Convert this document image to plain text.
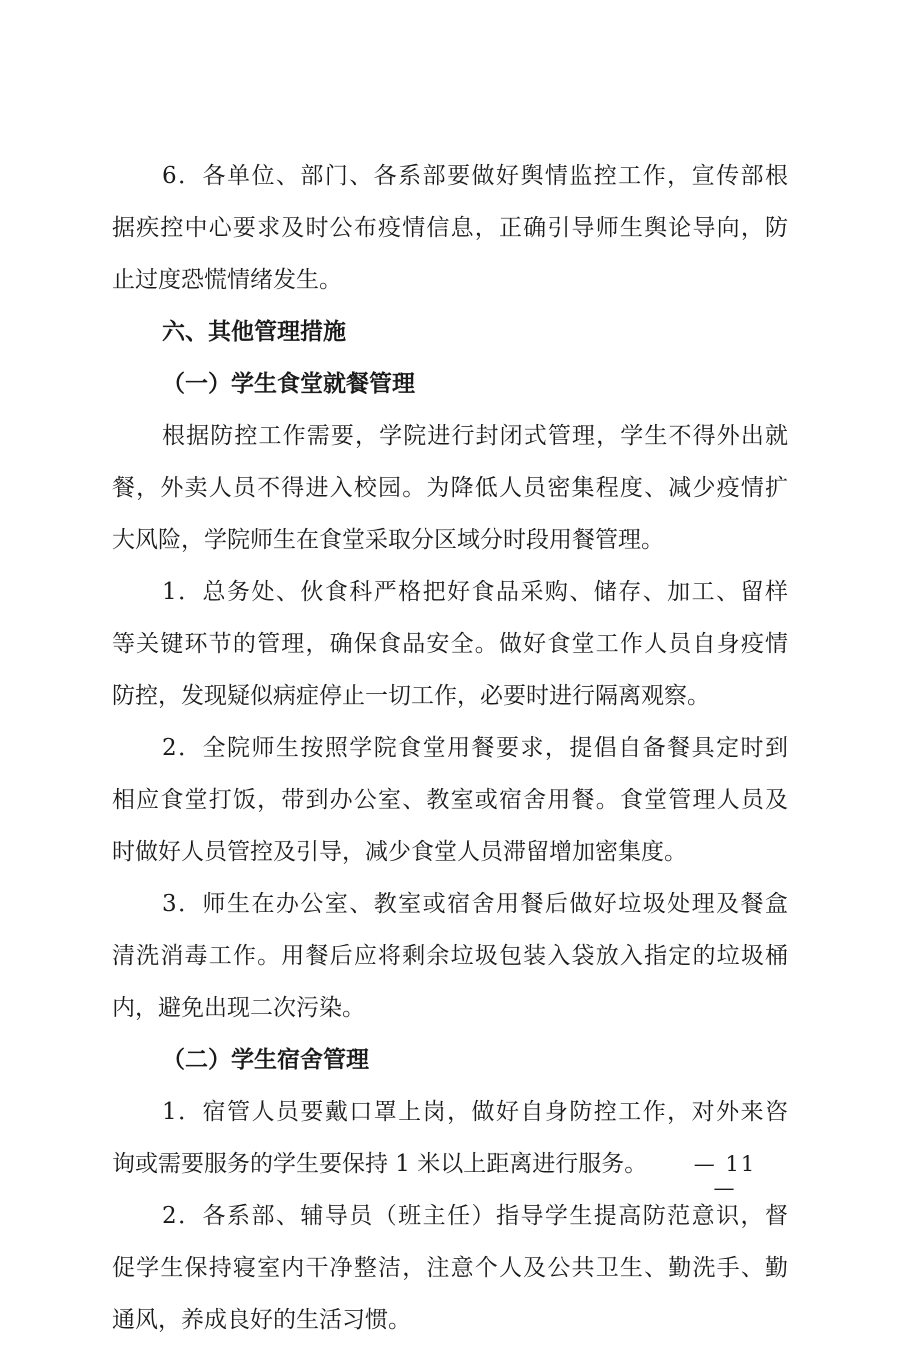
6．各单位、部门、各系部要做好舆情监控工作，宣传部根
据疾控中心要求及时公布疫情信息，正确引导师生舆论导向，防
止过度恐慌情绪发生。
六、其他管理措施
（一）学生食堂就餐管理
根据防控工作需要，学院进行封闭式管理，学生不得外出就
餐，外卖人员不得进入校园。为降低人员密集程度、减少疫情扩
大风险，学院师生在食堂采取分区域分时段用餐管理。
1．总务处、伙食科严格把好食品采购、储存、加工、留样
等关键环节的管理，确保食品安全。做好食堂工作人员自身疫情
防控，发现疑似病症停止一切工作，必要时进行隔离观察。
2．全院师生按照学院食堂用餐要求，提倡自备餐具定时到
相应食堂打饭，带到办公室、教室或宿舍用餐。食堂管理人员及
时做好人员管控及引导，减少食堂人员滞留增加密集度。
3．师生在办公室、教室或宿舍用餐后做好垃圾处理及餐盒
清洗消毒工作。用餐后应将剩余垃圾包装入袋放入指定的垃圾桶
内，避免出现二次污染。
（二）学生宿舍管理
1．宿管人员要戴口罩上岗，做好自身防控工作，对外来咨
询或需要服务的学生要保持 1 米以上距离进行服务。
2．各系部、辅导员（班主任）指导学生提高防范意识，督
促学生保持寝室内干净整洁，注意个人及公共卫生、勤洗手、勤
通风，养成良好的生活习惯。
— 11 —
